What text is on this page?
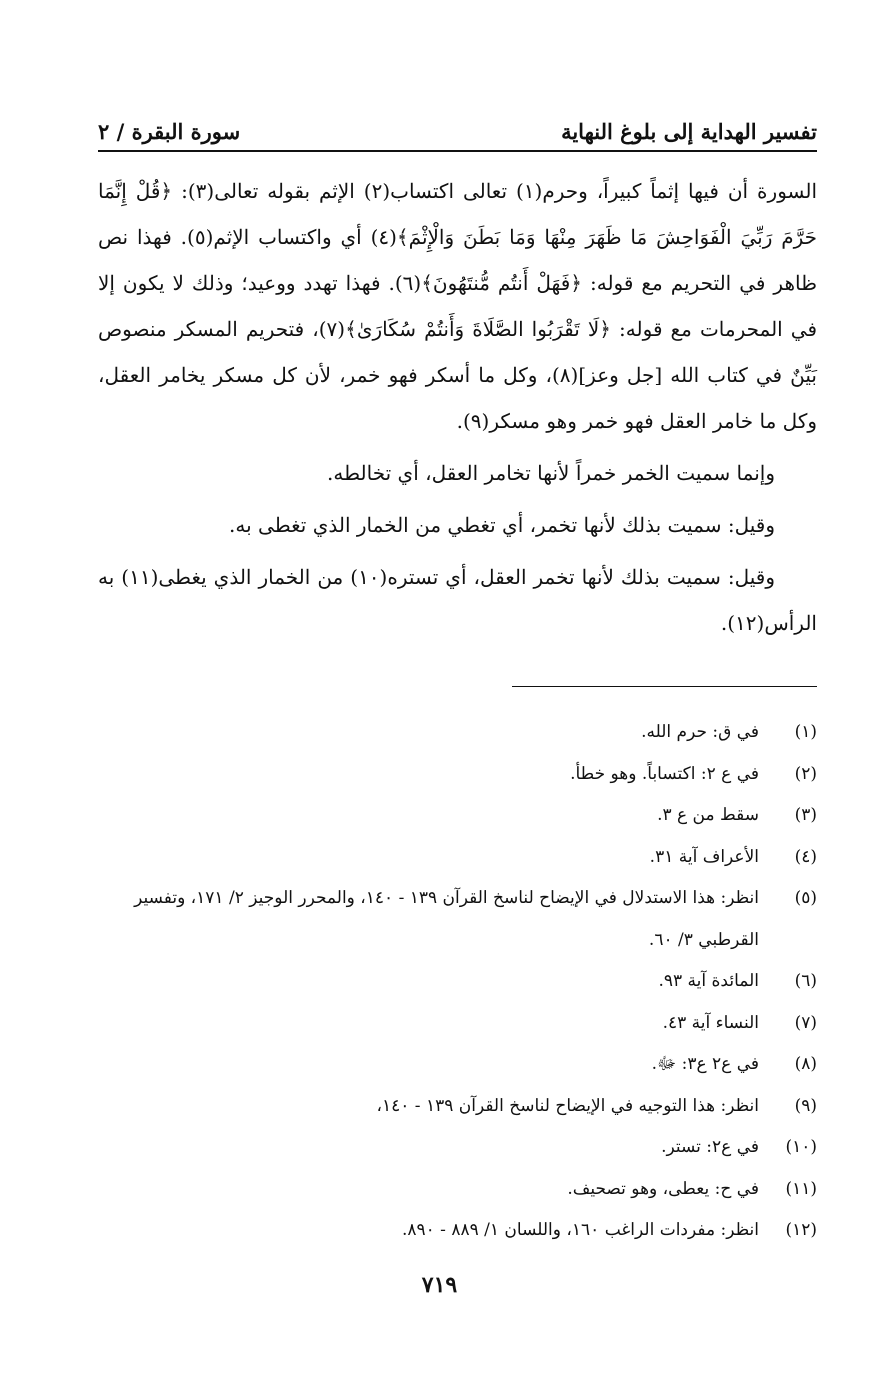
تفسير الهداية إلى بلوغ النهاية
سورة البقرة / ٢

السورة أن فيها إثماً كبيراً، وحرم(١) تعالى اكتساب(٢) الإثم بقوله تعالى(٣): ﴿قُلْ إِنَّمَا حَرَّمَ رَبِّيَ الْفَوَاحِشَ مَا ظَهَرَ مِنْهَا وَمَا بَطَنَ وَالْإِثْمَ﴾(٤) أي واكتساب الإثم(٥). فهذا نص ظاهر في التحريم مع قوله: ﴿فَهَلْ أَنتُم مُّنتَهُونَ﴾(٦). فهذا تهدد ووعيد؛ وذلك لا يكون إلا في المحرمات مع قوله: ﴿لَا تَقْرَبُوا الصَّلَاةَ وَأَنتُمْ سُكَارَىٰ﴾(٧)، فتحريم المسكر منصوص بَيِّنٌ في كتاب الله [جل وعز](٨)، وكل ما أسكر فهو خمر، لأن كل مسكر يخامر العقل، وكل ما خامر العقل فهو خمر وهو مسكر(٩).

وإنما سميت الخمر خمراً لأنها تخامر العقل، أي تخالطه.

وقيل: سميت بذلك لأنها تخمر، أي تغطي من الخمار الذي تغطى به.

وقيل: سميت بذلك لأنها تخمر العقل، أي تستره(١٠) من الخمار الذي يغطى(١١) به الرأس(١٢).

(١)
في ق: حرم الله.
(٢)
في ع ٢: اكتساباً. وهو خطأ.
(٣)
سقط من ع ٣.
(٤)
الأعراف آية ٣١.
(٥)
انظر: هذا الاستدلال في الإيضاح لناسخ القرآن ١٣٩ - ١٤٠، والمحرر الوجيز ٢/ ١٧١، وتفسير القرطبي ٣/ ٦٠.
(٦)
المائدة آية ٩٣.
(٧)
النساء آية ٤٣.
(٨)
في ع٢ ع٣: ﷻ.
(٩)
انظر: هذا التوجيه في الإيضاح لناسخ القرآن ١٣٩ - ١٤٠،
(١٠)
في ع٢: تستر.
(١١)
في ح: يعطى، وهو تصحيف.
(١٢)
انظر: مفردات الراغب ١٦٠، واللسان ١/ ٨٨٩ - ٨٩٠.
٧١٩
